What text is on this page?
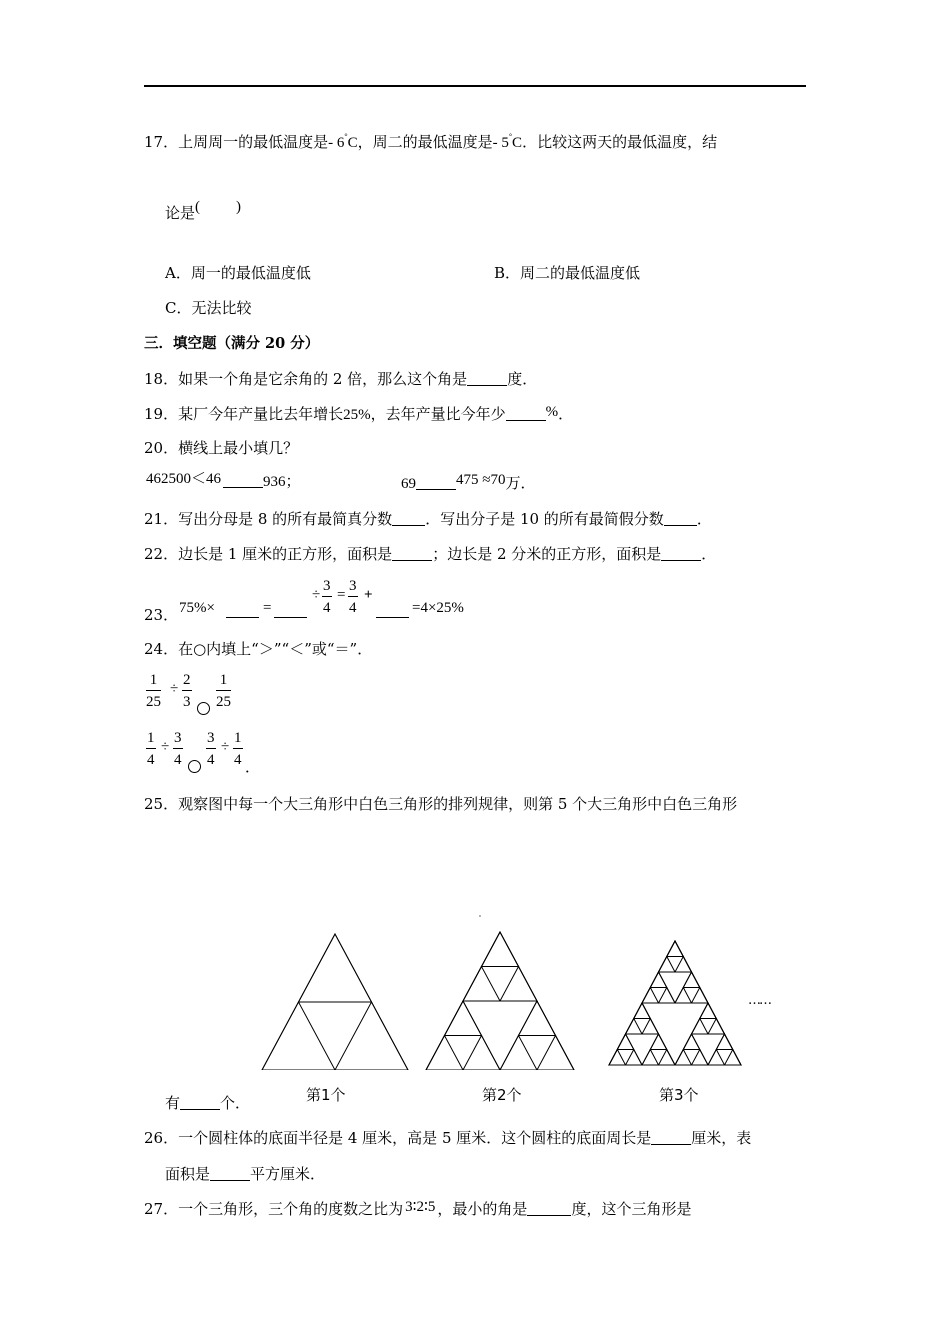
17．上周周一的最低温度是- 6°C，周二的最低温度是- 5°C．比较这两天的最低温度，结
论是( )
A．周一的最低温度低	B．周二的最低温度低
C．无法比较
三．填空题（满分 20 分）
18．如果一个角是它余角的 2 倍，那么这个角是	度．
19．某厂今年产量比去年增长25%，去年产量比今年少	%．
20．横线上最小填几？
462500＜46	936；	69	475 ≈70万．
21．写出分母是 8 的所有最简真分数 ．写出分子是 10 的所有最简假分数 ．
22．边长是 1 厘米的正方形，面积是	；边长是 2 分米的正方形，面积是	．
23． 75%×	=
÷ $\frac{3}{4} = \frac{3}{4}$ +
=4×25%
24．在○内填上“＞”“＜”或“＝”．
$\frac{1}{25} \div \frac{2}{3} \frac{1}{25}$
$\frac{1}{4} \div \frac{3}{4} \frac{3}{4} \div \frac{1}{4}$ ．
25．观察图中每一个大三角形中白色三角形的排列规律，则第 5 个大三角形中白色三角形
……
第1个	第2个	第3个
有	个．
26．一个圆柱体的底面半径是 4 厘米，高是 5 厘米．这个圆柱的底面周长是	厘米，表
面积是	平方厘米．
27．一个三角形，三个角的度数之比为 3∶2∶5 ，最小的角是	度，这个三角形是
